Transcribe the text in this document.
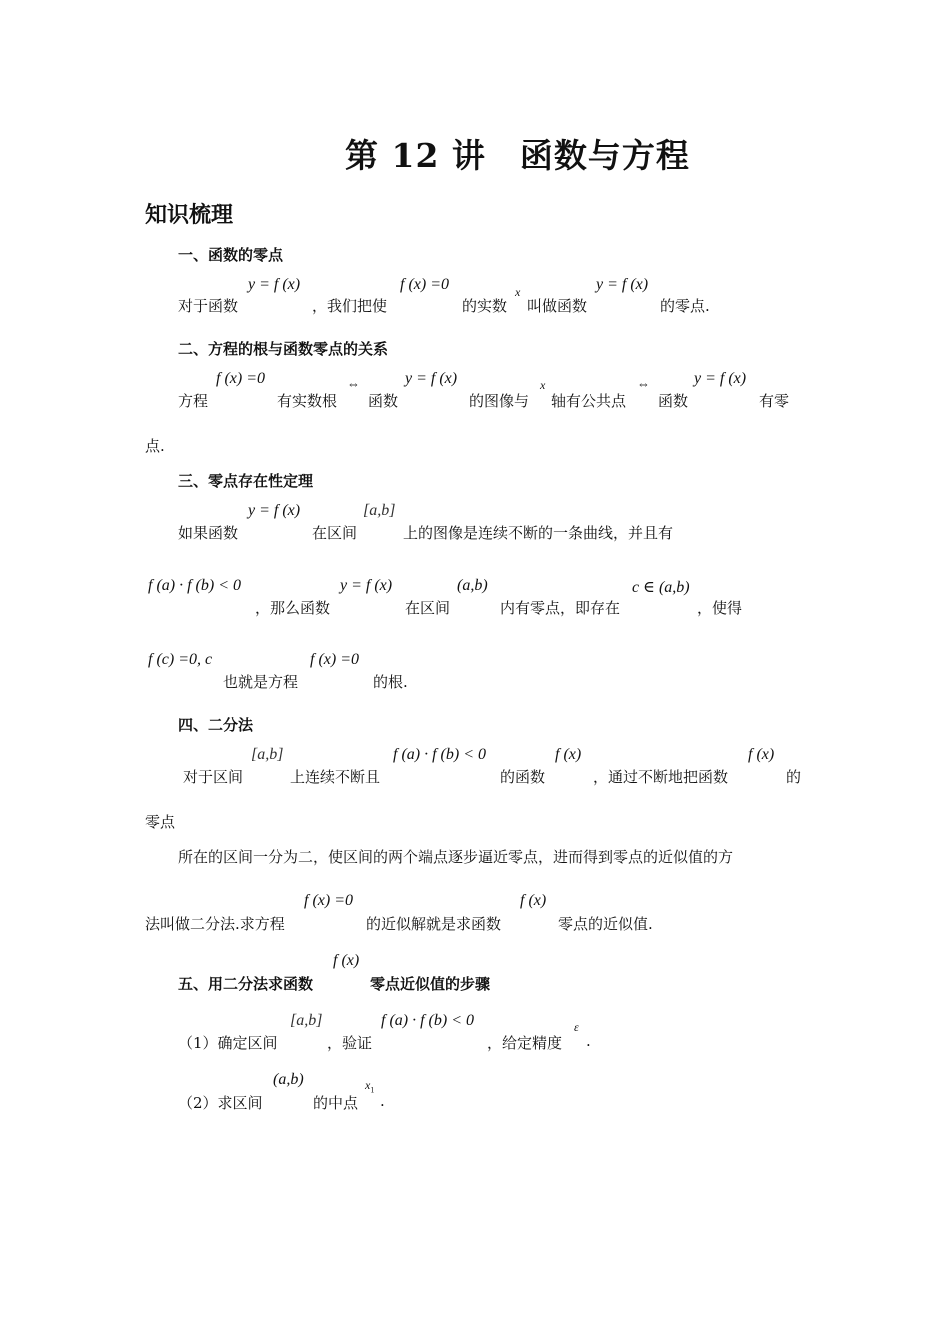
第 12 讲　函数与方程
知识梳理
一、函数的零点
对于函数
y = f (x)
，我们把使
f (x) =0
的实数
x
叫做函数
y = f (x)
的零点.
二、方程的根与函数零点的关系
方程
f (x) =0
有实数根
⇔
函数
y = f (x)
的图像与
x
轴有公共点
⇔
函数
y = f (x)
有零
点.
三、零点存在性定理
如果函数
y = f (x)
在区间
[a,b]
上的图像是连续不断的一条曲线，并且有
f (a) · f (b) < 0
，那么函数
y = f (x)
在区间
(a,b)
内有零点，即存在
c ∈ (a,b)
，使得
f (c) =0, c
也就是方程
f (x) =0
的根.
四、二分法
对于区间
[a,b]
上连续不断且
f (a) · f (b) < 0
的函数
f (x)
，通过不断地把函数
f (x)
的
零点
所在的区间一分为二，使区间的两个端点逐步逼近零点，进而得到零点的近似值的方
法叫做二分法.求方程
f (x) =0
的近似解就是求函数
f (x)
零点的近似值.
五、用二分法求函数
f (x)
零点近似值的步骤
（1）确定区间
[a,b]
，验证
f (a) · f (b) < 0
，给定精度
ε
.
（2）求区间
(a,b)
的中点
$x_1$
.
